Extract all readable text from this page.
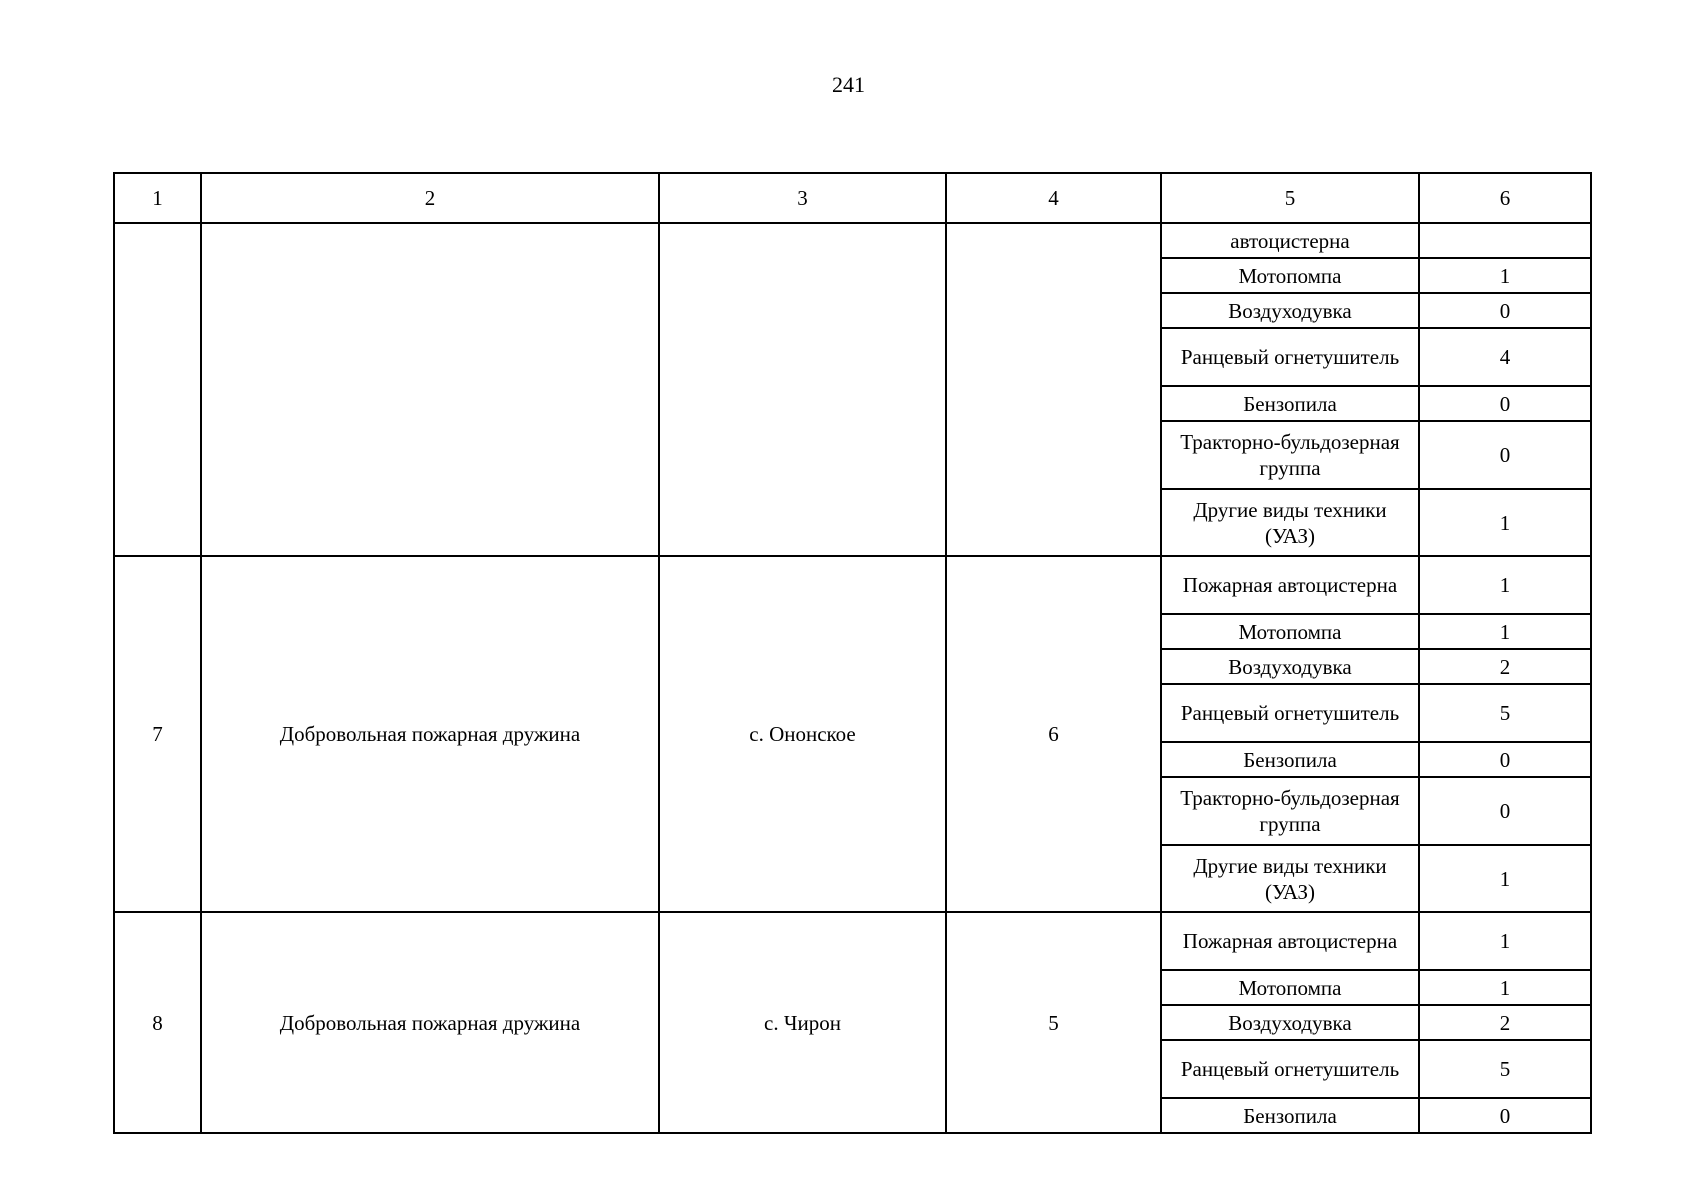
241
1	2	3	4	5	6
				автоцистерна	
				Мотопомпа	1
				Воздуходувка	0
				Ранцевый огнетушитель	4
				Бензопила	0
				Тракторно-бульдозерная группа	0
				Другие виды техники (УАЗ)	1
7	Добровольная пожарная дружина	с. Ононское	6	Пожарная автоцистерна	1
				Мотопомпа	1
				Воздуходувка	2
				Ранцевый огнетушитель	5
				Бензопила	0
				Тракторно-бульдозерная группа	0
				Другие виды техники (УАЗ)	1
8	Добровольная пожарная дружина	с. Чирон	5	Пожарная автоцистерна	1
				Мотопомпа	1
				Воздуходувка	2
				Ранцевый огнетушитель	5
				Бензопила	0
